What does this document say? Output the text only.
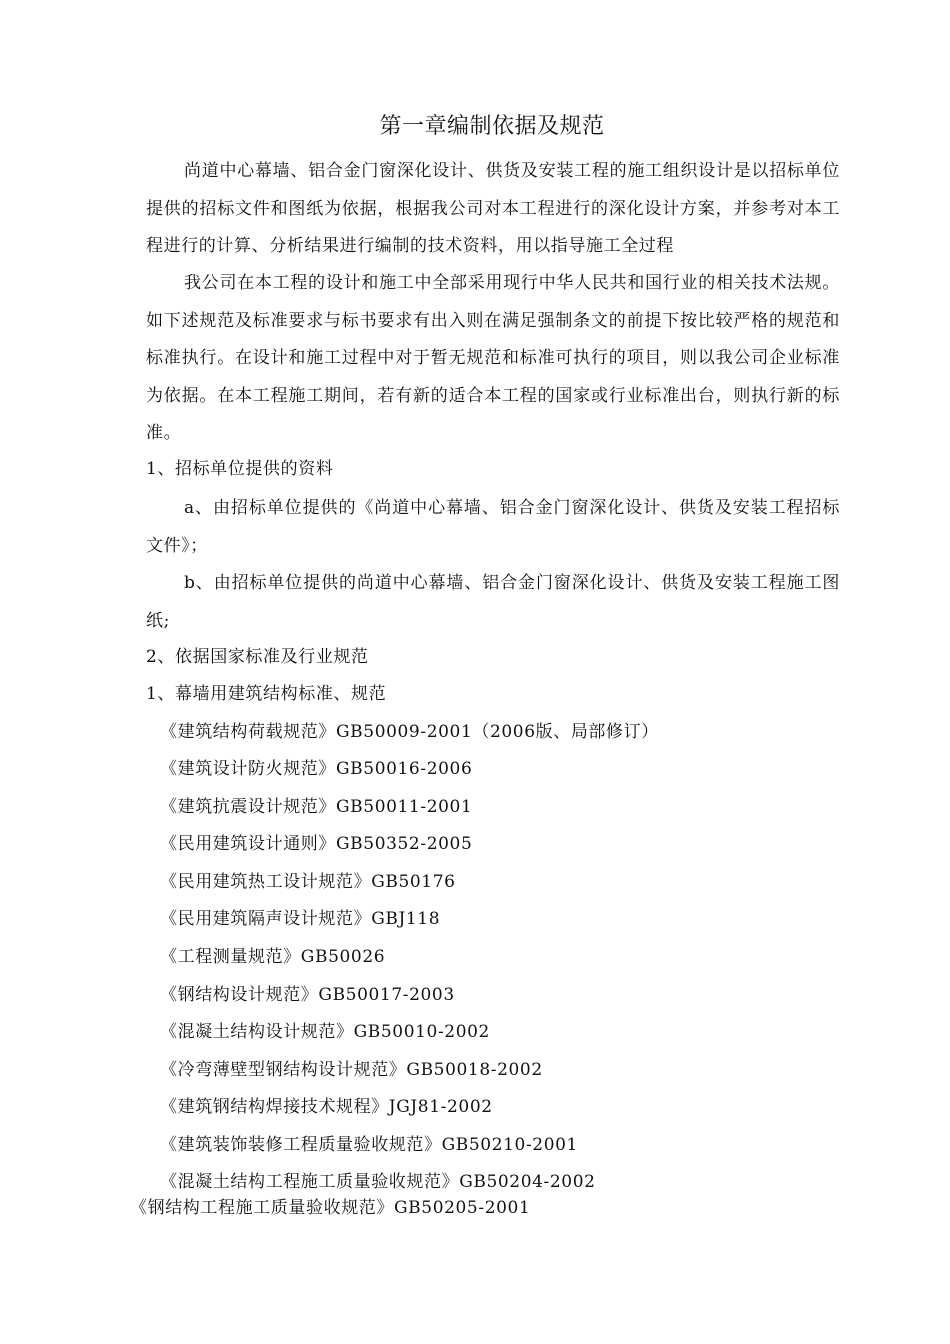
第一章编制依据及规范

尚道中心幕墙、铝合金门窗深化设计、供货及安装工程的施工组织设计是以招标单位提供的招标文件和图纸为依据，根据我公司对本工程进行的深化设计方案，并参考对本工程进行的计算、分析结果进行编制的技术资料，用以指导施工全过程

我公司在本工程的设计和施工中全部采用现行中华人民共和国行业的相关技术法规。如下述规范及标准要求与标书要求有出入则在满足强制条文的前提下按比较严格的规范和标准执行。在设计和施工过程中对于暂无规范和标准可执行的项目，则以我公司企业标准为依据。在本工程施工期间，若有新的适合本工程的国家或行业标准出台，则执行新的标准。

1、招标单位提供的资料
a、由招标单位提供的《尚道中心幕墙、铝合金门窗深化设计、供货及安装工程招标文件》；
b、由招标单位提供的尚道中心幕墙、铝合金门窗深化设计、供货及安装工程施工图纸;
2、依据国家标准及行业规范
1、幕墙用建筑结构标准、规范
《建筑结构荷载规范》GB50009-2001（2006版、局部修订）
《建筑设计防火规范》GB50016-2006
《建筑抗震设计规范》GB50011-2001
《民用建筑设计通则》GB50352-2005
《民用建筑热工设计规范》GB50176
《民用建筑隔声设计规范》GBJ118
《工程测量规范》GB50026
《钢结构设计规范》GB50017-2003
《混凝土结构设计规范》GB50010-2002
《冷弯薄壁型钢结构设计规范》GB50018-2002
《建筑钢结构焊接技术规程》JGJ81-2002
《建筑装饰装修工程质量验收规范》GB50210-2001
《混凝土结构工程施工质量验收规范》GB50204-2002
《钢结构工程施工质量验收规范》GB50205-2001
